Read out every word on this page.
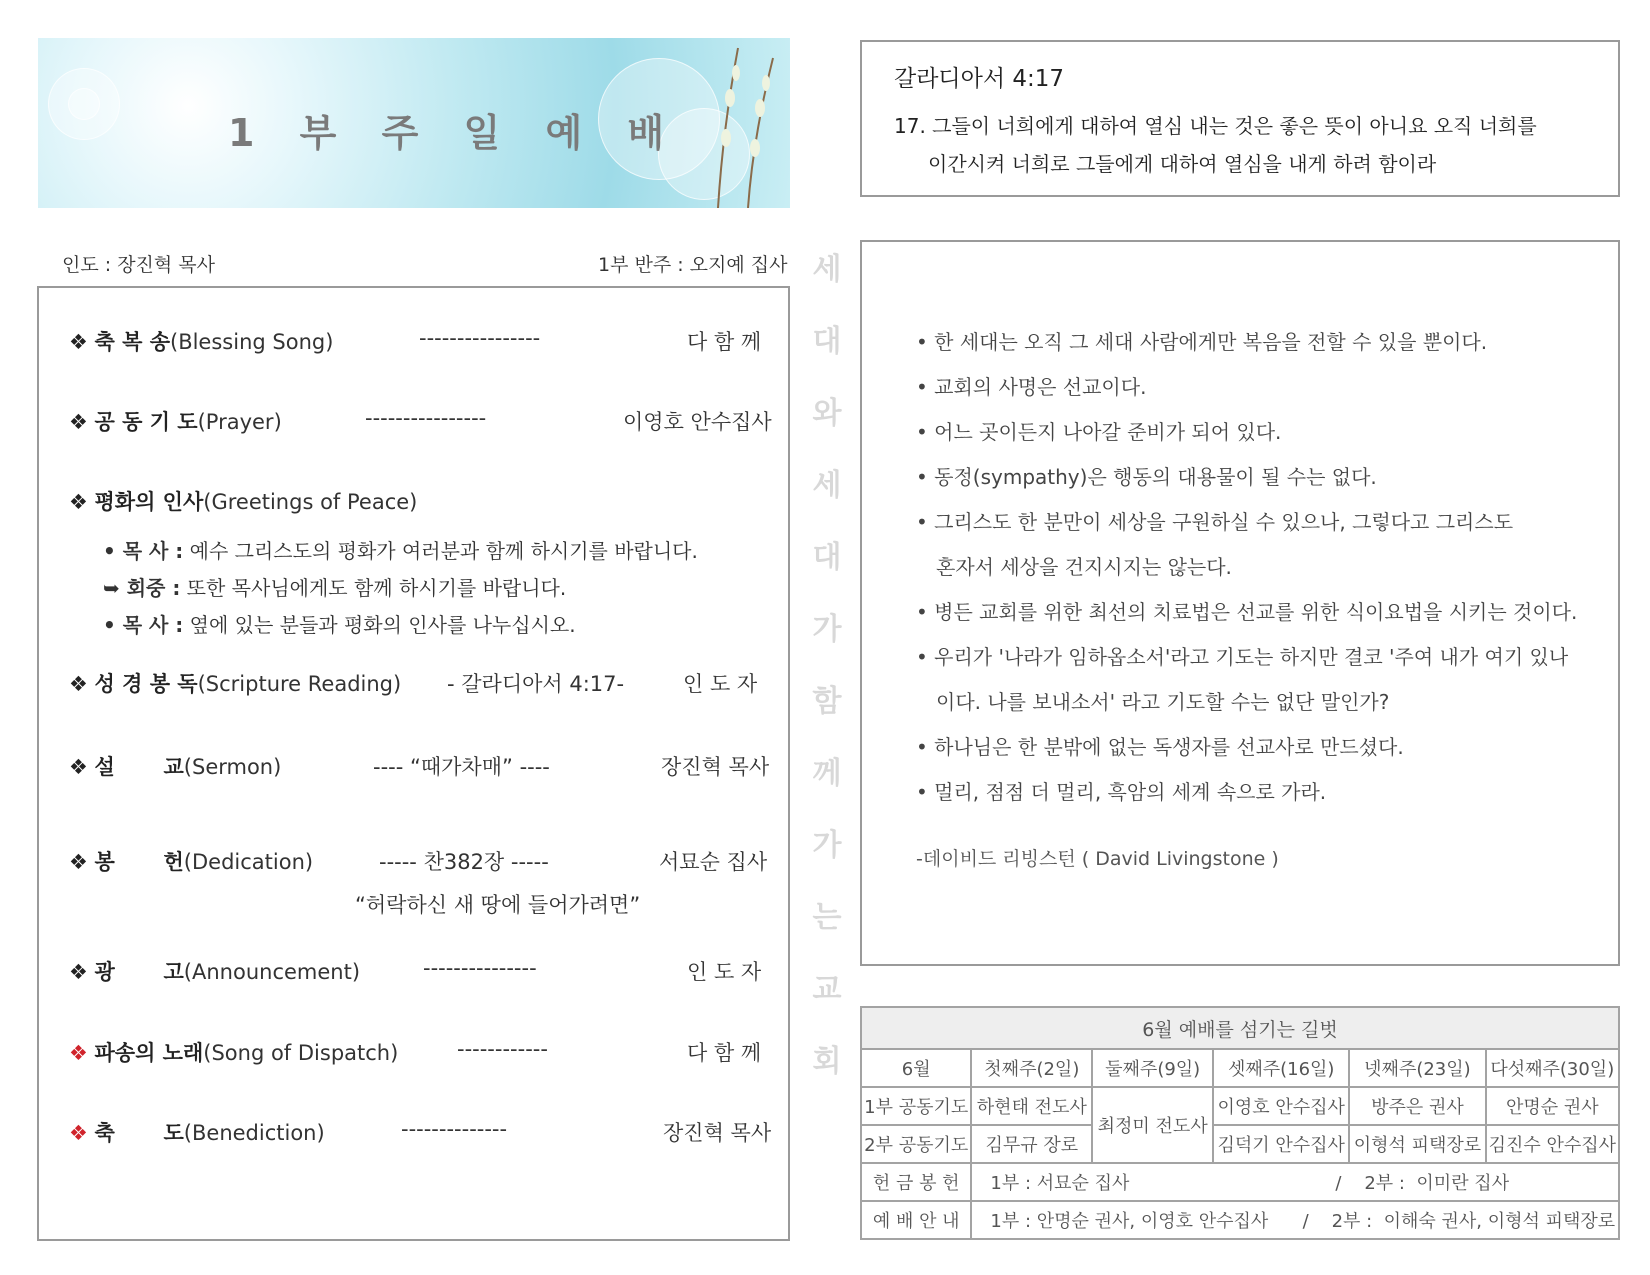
1 부 주 일 예 배
인도 : 장진혁 목사	1부 반주 : 오지예 집사
❖ 축 복 송(Blessing Song)	----------------	다 함 께
❖ 공 동 기 도(Prayer)	----------------	이영호 안수집사
❖ 평화의 인사(Greetings of Peace)
• 목 사 : 예수 그리스도의 평화가 여러분과 함께 하시기를 바랍니다.
➥ 회중 : 또한 목사님에게도 함께 하시기를 바랍니다.
• 목 사 : 옆에 있는 분들과 평화의 인사를 나누십시오.
❖ 성 경 봉 독(Scripture Reading) - 갈라디아서 4:17-	인 도 자
❖ 설 교(Sermon)	---- “때가차매” ----	장진혁 목사
❖ 봉 헌(Dedication)	----- 찬382장 -----	서묘순 집사
“허락하신 새 땅에 들어가려면”
❖ 광 고(Announcement)	---------------	인 도 자
❖ 파송의 노래(Song of Dispatch)	------------	다 함 께
❖ 축 도(Benediction)	--------------	장진혁 목사
갈라디아서 4:17
17. 그들이 너희에게 대하여 열심 내는 것은 좋은 뜻이 아니요 오직 너희를
이간시켜 너희로 그들에게 대하여 열심을 내게 하려 함이라
세
대
와
세
대
가
함
께
가
는
교
회
• 한 세대는 오직 그 세대 사람에게만 복음을 전할 수 있을 뿐이다.
• 교회의 사명은 선교이다.
• 어느 곳이든지 나아갈 준비가 되어 있다.
• 동정(sympathy)은 행동의 대용물이 될 수는 없다.
• 그리스도 한 분만이 세상을 구원하실 수 있으나, 그렇다고 그리스도
혼자서 세상을 건지시지는 않는다.
• 병든 교회를 위한 최선의 치료법은 선교를 위한 식이요법을 시키는 것이다.
• 우리가 '나라가 임하옵소서'라고 기도는 하지만 결코 '주여 내가 여기 있나
이다. 나를 보내소서' 라고 기도할 수는 없단 말인가?
• 하나님은 한 분밖에 없는 독생자를 선교사로 만드셨다.
• 멀리, 점점 더 멀리, 흑암의 세계 속으로 가라.
-데이비드 리빙스턴 ( David Livingstone )
6월 예배를 섬기는 길벗					
6월	첫째주(2일)	둘째주(9일)	셋째주(16일)	넷째주(23일)	다섯째주(30일)
1부 공동기도	하현태 전도사	최정미 전도사	이영호 안수집사	방주은 권사	안명순 권사
2부 공동기도	김무규 장로		김덕기 안수집사	이형석 피택장로	김진수 안수집사
헌 금 봉 헌	1부 : 서묘순 집사                                    /    2부 :  이미란 집사				
예 배 안 내	1부 : 안명순 권사, 이영호 안수집사      /    2부 :  이해숙 권사, 이형석 피택장로				
